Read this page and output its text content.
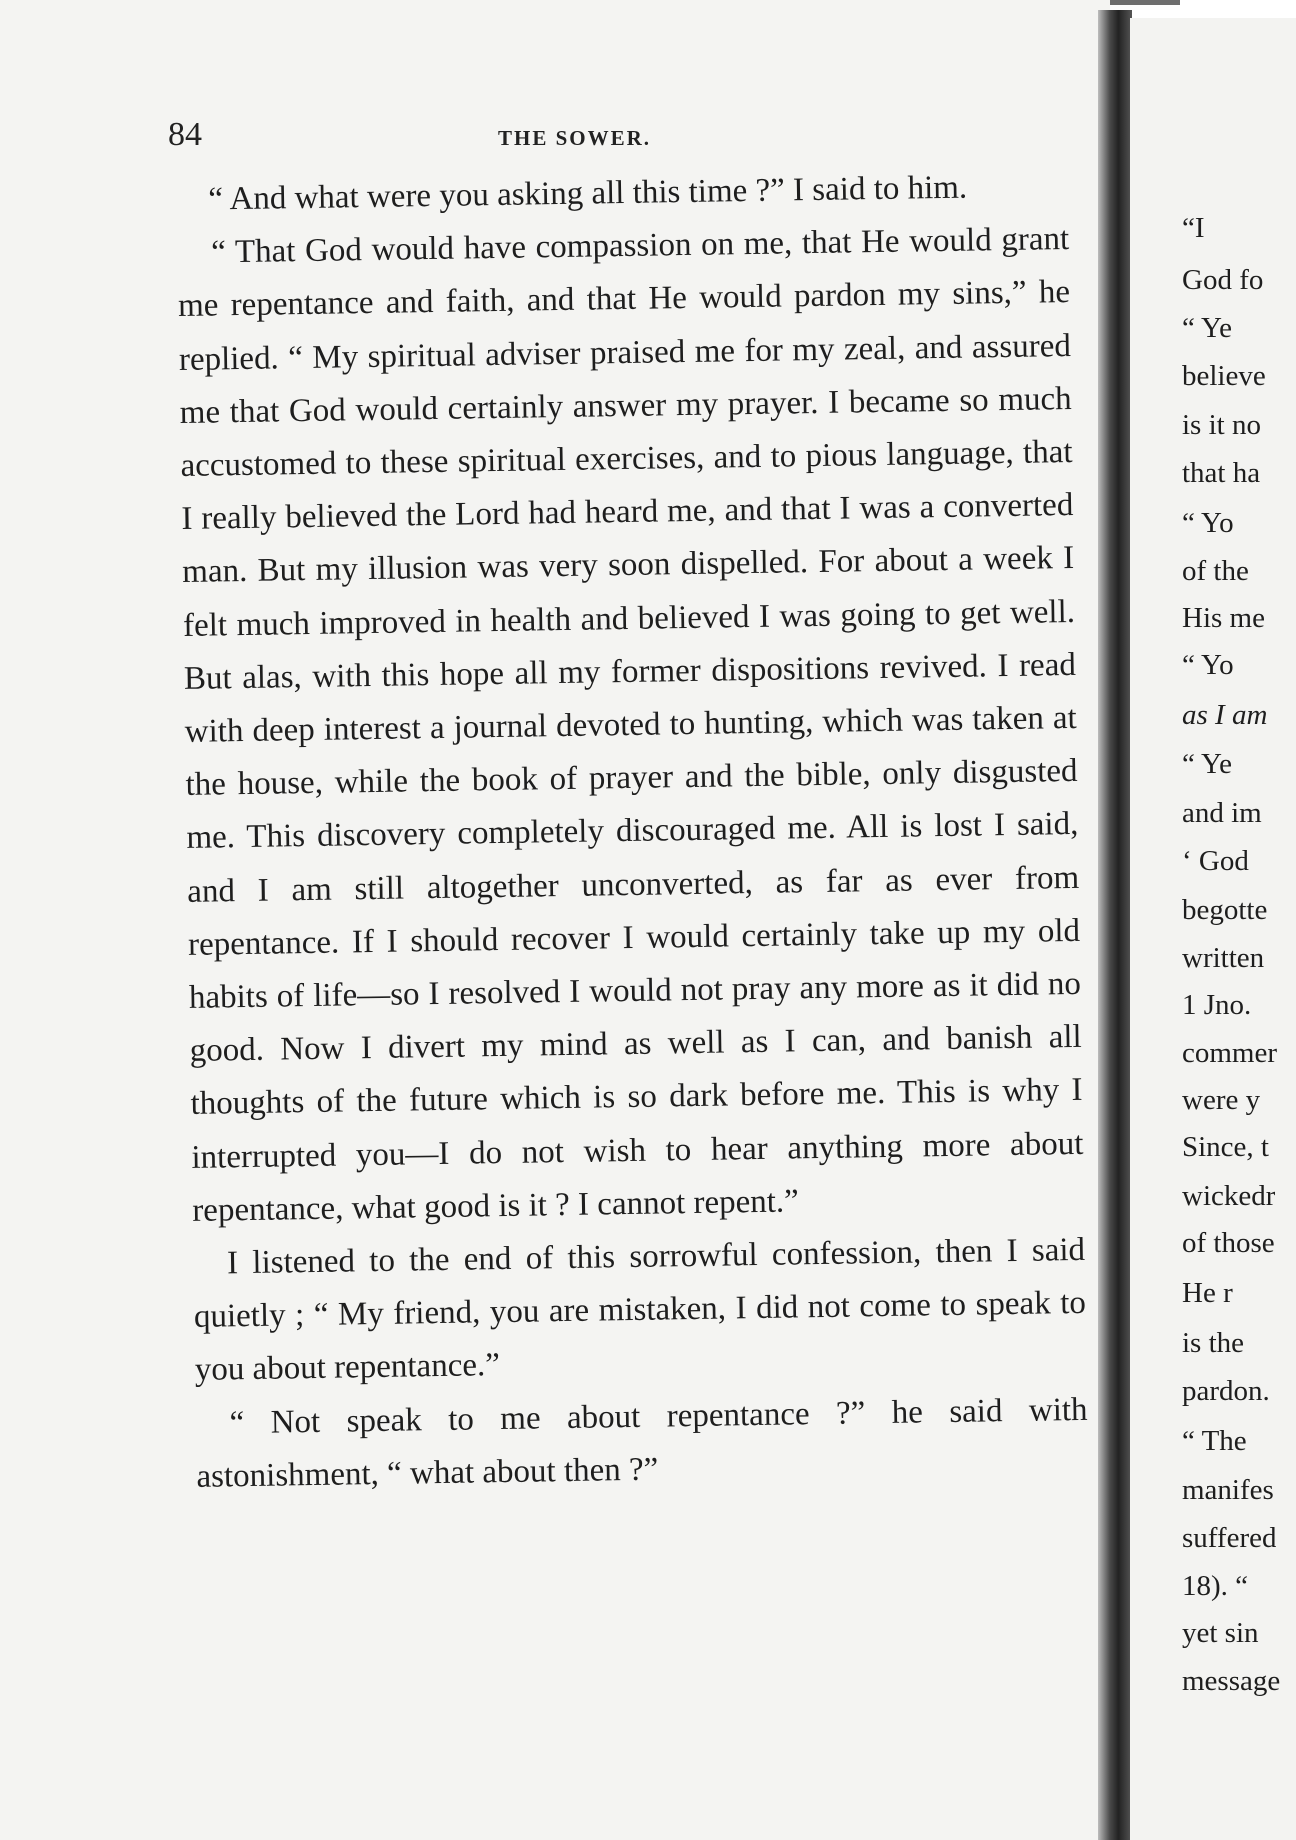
84	THE SOWER.

“ And what were you asking all this time ?” I said to him.

“ That God would have compassion on me, that He would grant me repentance and faith, and that He would pardon my sins,” he replied. “ My spiritual adviser praised me for my zeal, and assured me that God would certainly answer my prayer. I became so much accustomed to these spiritual exercises, and to pious language, that I really believed the Lord had heard me, and that I was a converted man. But my illusion was very soon dispelled. For about a week I felt much improved in health and believed I was going to get well. But alas, with this hope all my former dispositions revived. I read with deep interest a journal devoted to hunting, which was taken at the house, while the book of prayer and the bible, only disgusted me. This discovery completely discouraged me. All is lost I said, and I am still altogether unconverted, as far as ever from repentance. If I should recover I would certainly take up my old habits of life—so I resolved I would not pray any more as it did no good. Now I divert my mind as well as I can, and banish all thoughts of the future which is so dark before me. This is why I interrupted you—I do not wish to hear anything more about repentance, what good is it ? I cannot repent.”

I listened to the end of this sorrowful confession, then I said quietly ; “ My friend, you are mistaken, I did not come to speak to you about repentance.”

“ Not speak to me about repentance ?” he said with astonishment, “ what about then ?”

“I
God fo
“ Ye
believe
is it no
that ha
“ Yo
of the
His me
“ Yo
as I am
“ Ye
and im
‘ God
begotte
written
1 Jno.
commer
were y
Since, t
wickedr
of those
He r
is the
pardon.
“ The
manifes
suffered
18). “
yet sin
message
